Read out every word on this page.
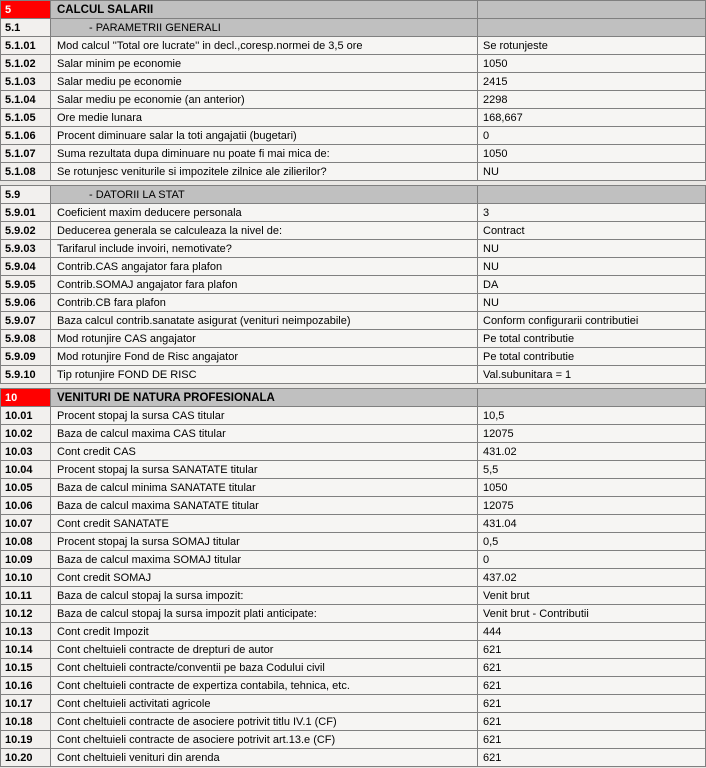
5	CALCUL SALARII
5.1	- PARAMETRII GENERALI
5.1.01	Mod calcul ''Total ore lucrate'' in decl.,coresp.normei de 3,5 ore	Se rotunjeste
5.1.02	Salar minim pe economie	1050
5.1.03	Salar mediu pe economie	2415
5.1.04	Salar mediu pe economie (an anterior)	2298
5.1.05	Ore medie lunara	168,667
5.1.06	Procent diminuare salar la toti angajatii (bugetari)	0
5.1.07	Suma rezultata dupa diminuare nu poate fi mai mica de:	1050
5.1.08	Se rotunjesc veniturile si impozitele zilnice ale zilierilor?	NU
5.9	- DATORII LA STAT
5.9.01	Coeficient maxim deducere personala	3
5.9.02	Deducerea generala se calculeaza la nivel de:	Contract
5.9.03	Tarifarul include invoiri, nemotivate?	NU
5.9.04	Contrib.CAS angajator fara plafon	NU
5.9.05	Contrib.SOMAJ angajator fara plafon	DA
5.9.06	Contrib.CB fara plafon	NU
5.9.07	Baza calcul contrib.sanatate asigurat (venituri neimpozabile)	Conform configurarii contributiei
5.9.08	Mod rotunjire CAS angajator	Pe total contributie
5.9.09	Mod rotunjire Fond de Risc angajator	Pe total contributie
5.9.10	Tip rotunjire FOND DE RISC	Val.subunitara = 1
10	VENITURI DE NATURA PROFESIONALA
10.01	Procent stopaj la sursa CAS titular	10,5
10.02	Baza de calcul maxima CAS titular	12075
10.03	Cont credit CAS	431.02
10.04	Procent stopaj la sursa SANATATE titular	5,5
10.05	Baza de calcul minima SANATATE titular	1050
10.06	Baza de calcul maxima SANATATE titular	12075
10.07	Cont credit SANATATE	431.04
10.08	Procent stopaj la sursa SOMAJ titular	0,5
10.09	Baza de calcul maxima SOMAJ titular	0
10.10	Cont credit SOMAJ	437.02
10.11	Baza de calcul stopaj la sursa impozit:	Venit brut
10.12	Baza de calcul stopaj la sursa impozit plati anticipate:	Venit brut - Contributii
10.13	Cont credit Impozit	444
10.14	Cont cheltuieli contracte de drepturi de autor	621
10.15	Cont cheltuieli contracte/conventii pe baza Codului civil	621
10.16	Cont cheltuieli contracte de expertiza contabila, tehnica, etc.	621
10.17	Cont cheltuieli activitati agricole	621
10.18	Cont cheltuieli contracte de asociere potrivit titlu IV.1 (CF)	621
10.19	Cont cheltuieli contracte de asociere potrivit art.13.e (CF)	621
10.20	Cont cheltuieli venituri din arenda	621
